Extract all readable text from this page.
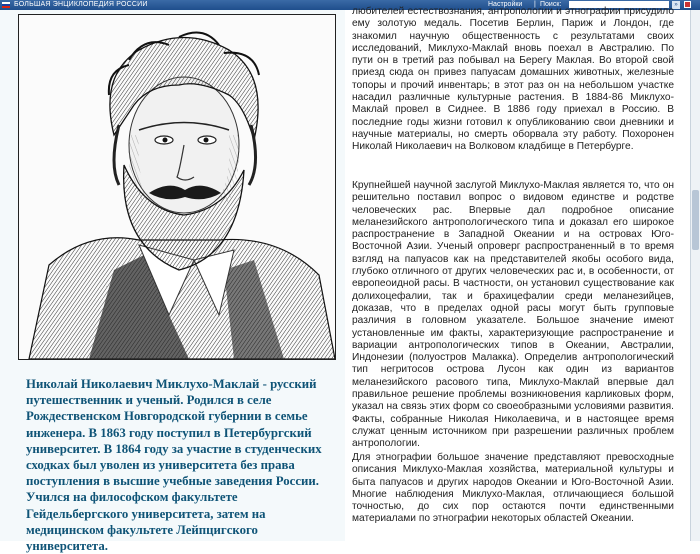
БОЛЬШАЯ ЭНЦИКЛОПЕДИЯ РОССИИ	Настройки | Поиск:	»
Николай Николаевич Миклухо-Маклай - русский путешественник и ученый. Родился в селе Рождественском Новгородской губернии в семье инженера. В 1863 году поступил в Петербургский университет. В 1864 году за участие в студенческих сходках был уволен из университета без права поступления в высшие учебные заведения России. Учился на философском факультете Гейдельбергского университета, затем на медицинском факультете Лейпцигского университета.
любителей естествознания, антропологии и этнографии присудило ему золотую медаль. Посетив Берлин, Париж и Лондон, где знакомил научную общественность с результатами своих исследований, Миклухо-Маклай вновь поехал в Австралию. По пути он в третий раз побывал на Берегу Маклая. Во второй свой приезд сюда он привез папуасам домашних животных, железные топоры и прочий инвентарь; в этот раз он на небольшом участке насадил различные культурные растения. В 1884-86 Миклухо-Маклай провел в Сиднее. В 1886 году приехал в Россию. В последние годы жизни готовил к опубликованию свои дневники и научные материалы, но смерть оборвала эту работу. Похоронен Николай Николаевич на Волковом кладбище в Петербурге.
Крупнейшей научной заслугой Миклухо-Маклая является то, что он решительно поставил вопрос о видовом единстве и родстве человеческих рас. Впервые дал подробное описание меланезийского антропологического типа и доказал его широкое распространение в Западной Океании и на островах Юго-Восточной Азии. Ученый опроверг распространенный в то время взгляд на папуасов как на представителей якобы особого вида, глубоко отличного от других человеческих рас и, в особенности, от европеоидной расы. В частности, он установил существование как долихоцефалии, так и брахицефалии среди меланезийцев, доказав, что в пределах одной расы могут быть групповые различия в головном указателе. Большое значение имеют установленные им факты, характеризующие распространение и вариации антропологических типов в Океании, Австралии, Индонезии (полуостров Малакка). Определив антропологический тип негритосов острова Лусон как один из вариантов меланезийского расового типа, Миклухо-Маклай впервые дал правильное решение проблемы возникновения карликовых форм, указал на связь этих форм со своеобразными условиями развития. Факты, собранные Николая Николаевича, и в настоящее время служат ценным источником при разрешении различных проблем антропологии.
Для этнографии большое значение представляют превосходные описания Миклухо-Маклая хозяйства, материальной культуры и быта папуасов и других народов Океании и Юго-Восточной Азии. Многие наблюдения Миклухо-Маклая, отличающиеся большой точностью, до сих пор остаются почти единственными материалами по этнографии некоторых областей Океании.
